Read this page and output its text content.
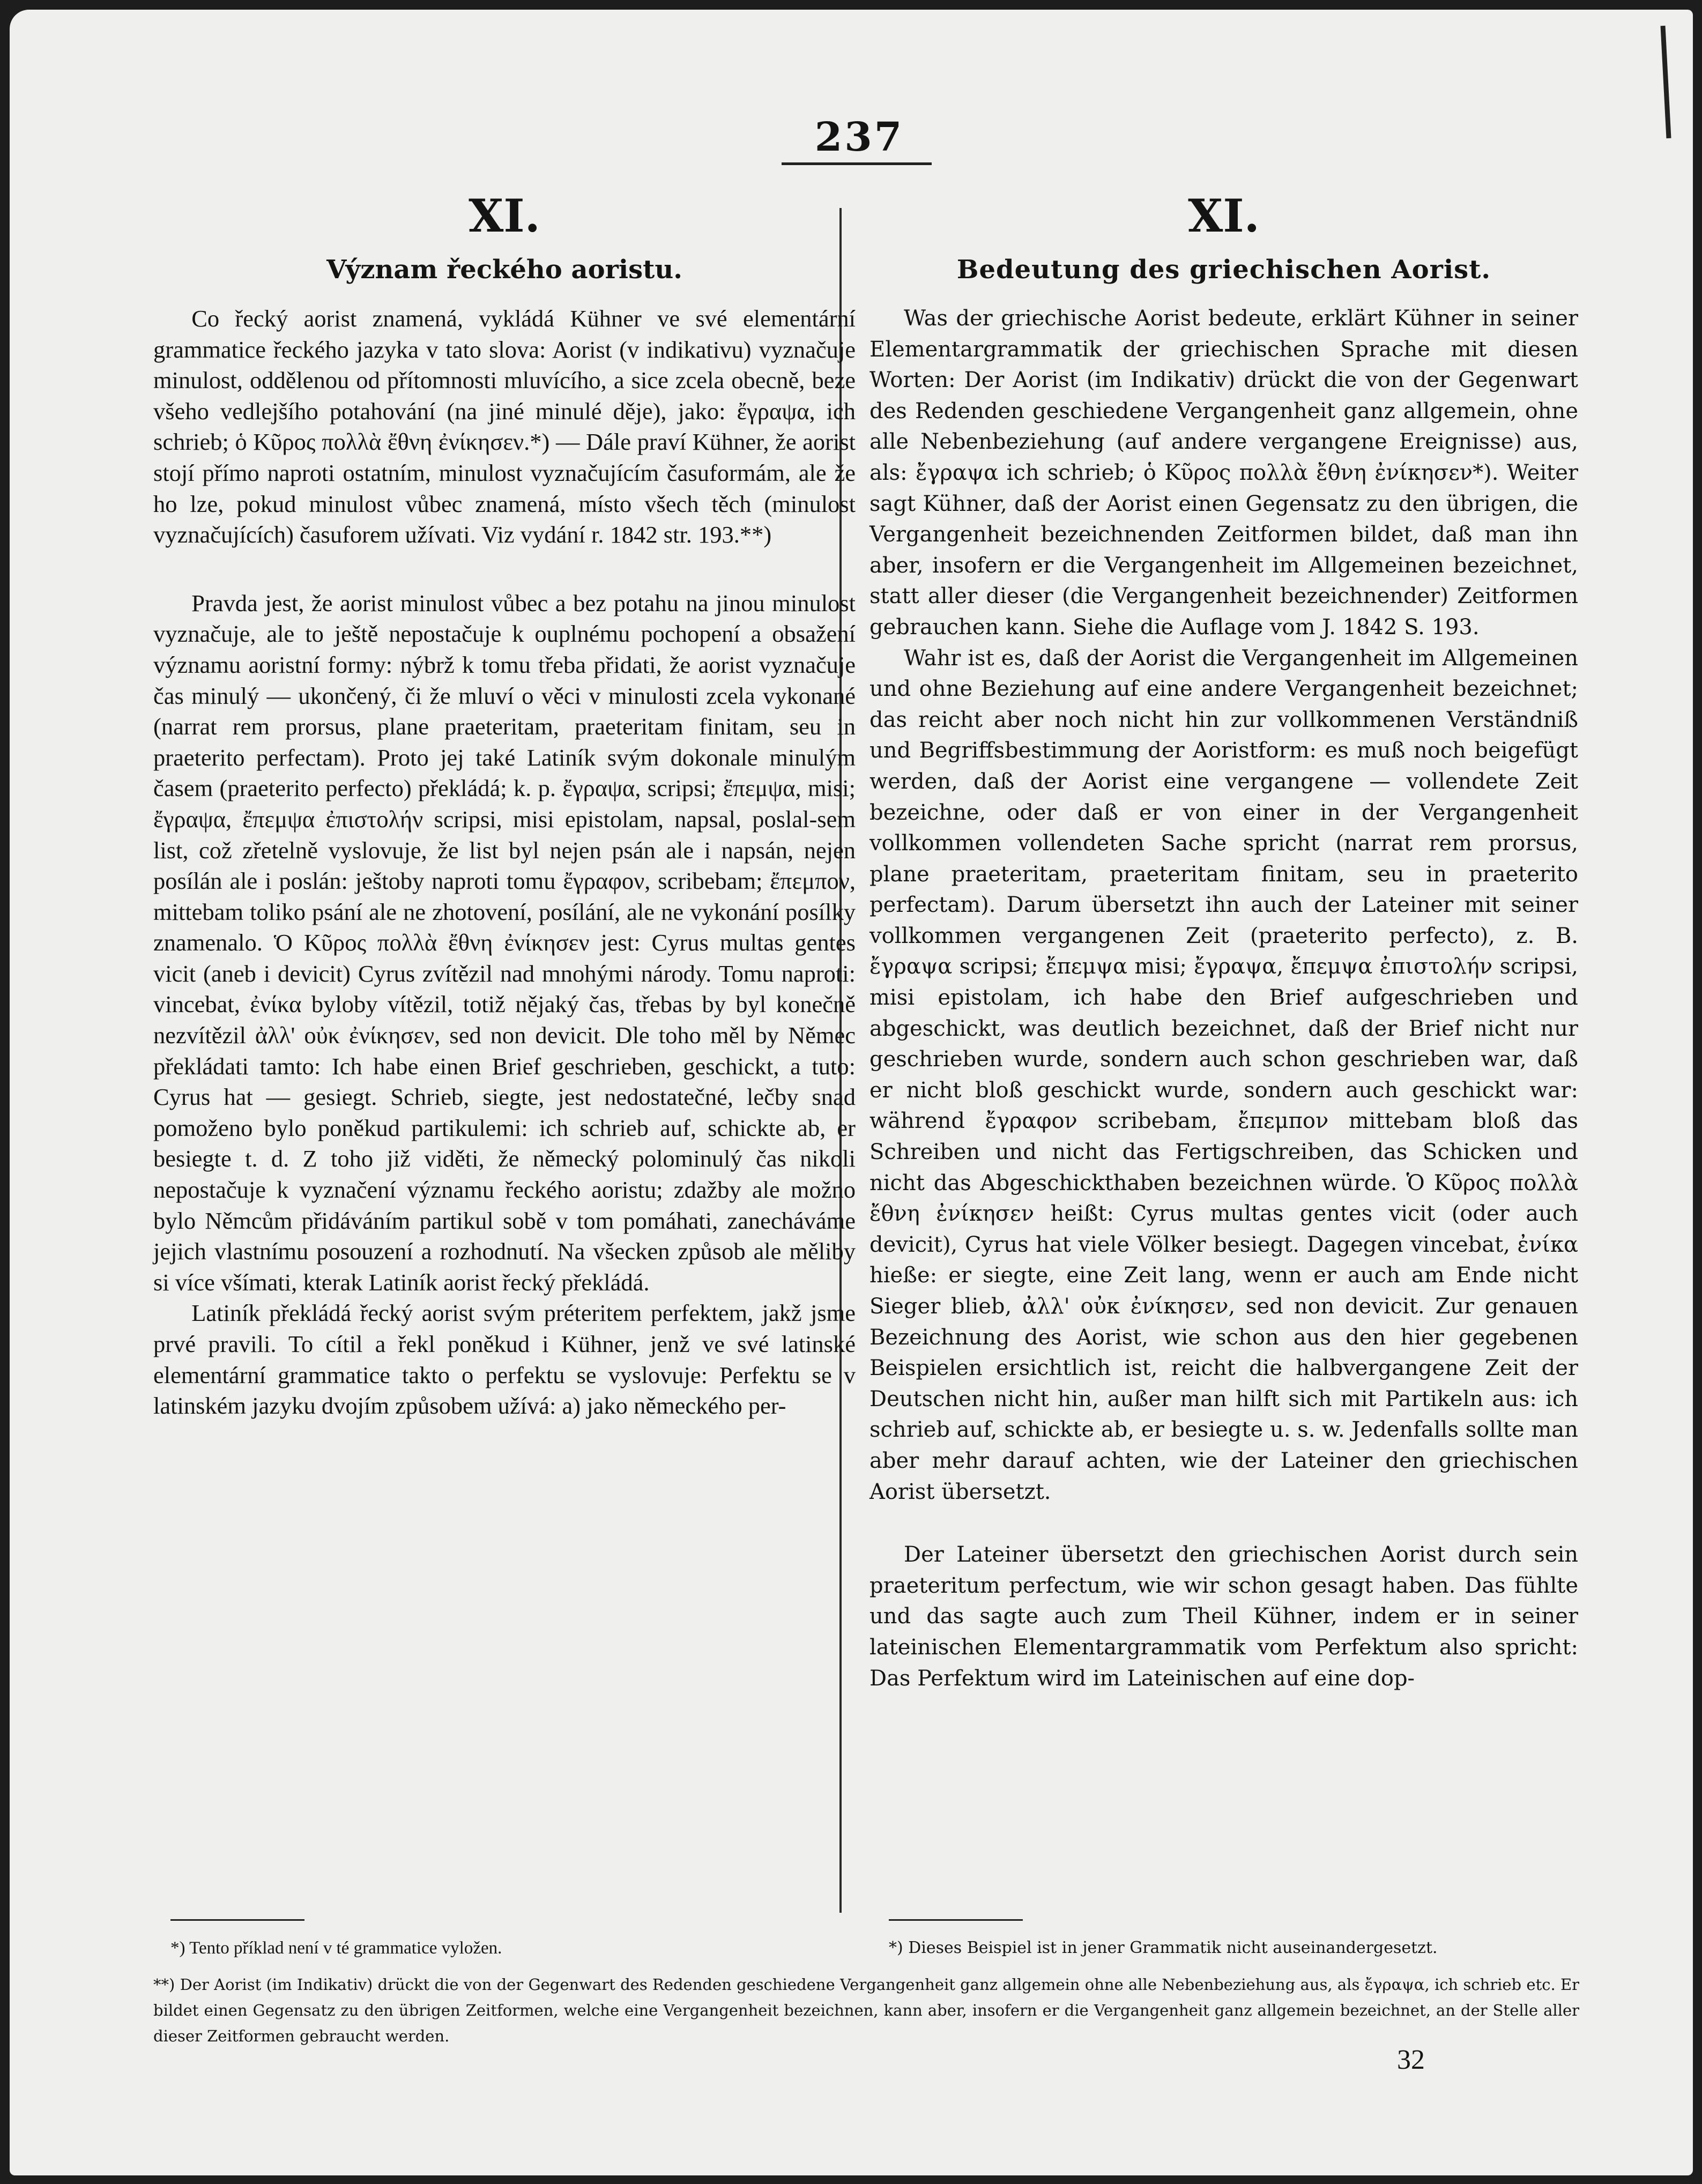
237
XI.
Význam řeckého aoristu.

Co řecký aorist znamená, vykládá Kühner ve své elementární grammatice řeckého jazyka v tato slova: Aorist (v indikativu) vyznačuje minulost, oddělenou od přítomnosti mluvícího, a sice zcela obecně, beze všeho vedlejšího potahování (na jiné minulé děje), jako: ἔγραψα, ich schrieb; ὁ Κῦρος πολλὰ ἔθνη ἐνίκησεν.*) — Dále praví Kühner, že aorist stojí přímo naproti ostatním, minulost vyznačujícím časuformám, ale že ho lze, pokud minulost vůbec znamená, místo všech těch (minulost vyznačujících) časuforem užívati. Viz vydání r. 1842 str. 193.**)

Pravda jest, že aorist minulost vůbec a bez potahu na jinou minulost vyznačuje, ale to ještě nepostačuje k ouplnému pochopení a obsažení významu aoristní formy: nýbrž k tomu třeba přidati, že aorist vyznačuje čas minulý — ukončený, či že mluví o věci v minulosti zcela vykonané (narrat rem prorsus, plane praeteritam, praeteritam finitam, seu in praeterito perfectam). Proto jej také Latiník svým dokonale minulým časem (praeterito perfecto) překládá; k. p. ἔγραψα, scripsi; ἔπεμψα, misi; ἔγραψα, ἔπεμψα ἐπιστολήν scripsi, misi epistolam, napsal, poslal-sem list, což zřetelně vyslovuje, že list byl nejen psán ale i napsán, nejen posílán ale i poslán: ještoby naproti tomu ἔγραφον, scribebam; ἔπεμπον, mittebam toliko psání ale ne zhotovení, posílání, ale ne vykonání posílky znamenalo. Ὁ Κῦρος πολλὰ ἔθνη ἐνίκησεν jest: Cyrus multas gentes vicit (aneb i devicit) Cyrus zvítězil nad mnohými národy. Tomu naproti: vincebat, ἐνίκα byloby vítězil, totiž nějaký čas, třebas by byl konečně nezvítězil ἀλλ' οὐκ ἐνίκησεν, sed non devicit. Dle toho měl by Němec překládati tamto: Ich habe einen Brief geschrieben, geschickt, a tuto: Cyrus hat — gesiegt. Schrieb, siegte, jest nedostatečné, lečby snad pomoženo bylo poněkud partikulemi: ich schrieb auf, schickte ab, er besiegte t. d. Z toho již viděti, že německý polominulý čas nikoli nepostačuje k vyznačení významu řeckého aoristu; zdažby ale možno bylo Němcům přidáváním partikul sobě v tom pomáhati, zanecháváme jejich vlastnímu posouzení a rozhodnutí. Na všecken způsob ale měliby si více všímati, kterak Latiník aorist řecký překládá.

Latiník překládá řecký aorist svým préteritem perfektem, jakž jsme prvé pravili. To cítil a řekl poněkud i Kühner, jenž ve své latinské elementární grammatice takto o perfektu se vyslovuje: Perfektu se v latinském jazyku dvojím způsobem užívá: a) jako německého per-

XI.
Bedeutung des griechischen Aorist.

Was der griechische Aorist bedeute, erklärt Kühner in seiner Elementargrammatik der griechischen Sprache mit diesen Worten: Der Aorist (im Indikativ) drückt die von der Gegenwart des Redenden geschiedene Vergangenheit ganz allgemein, ohne alle Nebenbeziehung (auf andere vergangene Ereignisse) aus, als: ἔγραψα ich schrieb; ὁ Κῦρος πολλὰ ἔθνη ἐνίκησεν*). Weiter sagt Kühner, daß der Aorist einen Gegensatz zu den übrigen, die Vergangenheit bezeichnenden Zeitformen bildet, daß man ihn aber, insofern er die Vergangenheit im Allgemeinen bezeichnet, statt aller dieser (die Vergangenheit bezeichnender) Zeitformen gebrauchen kann. Siehe die Auflage vom J. 1842 S. 193.

Wahr ist es, daß der Aorist die Vergangenheit im Allgemeinen und ohne Beziehung auf eine andere Vergangenheit bezeichnet; das reicht aber noch nicht hin zur vollkommenen Verständniß und Begriffsbestimmung der Aoristform: es muß noch beigefügt werden, daß der Aorist eine vergangene — vollendete Zeit bezeichne, oder daß er von einer in der Vergangenheit vollkommen vollendeten Sache spricht (narrat rem prorsus, plane praeteritam, praeteritam finitam, seu in praeterito perfectam). Darum übersetzt ihn auch der Lateiner mit seiner vollkommen vergangenen Zeit (praeterito perfecto), z. B. ἔγραψα scripsi; ἔπεμψα misi; ἔγραψα, ἔπεμψα ἐπιστολήν scripsi, misi epistolam, ich habe den Brief aufgeschrieben und abgeschickt, was deutlich bezeichnet, daß der Brief nicht nur geschrieben wurde, sondern auch schon geschrieben war, daß er nicht bloß geschickt wurde, sondern auch geschickt war: während ἔγραφον scribebam, ἔπεμπον mittebam bloß das Schreiben und nicht das Fertigschreiben, das Schicken und nicht das Abgeschickthaben bezeichnen würde. Ὁ Κῦρος πολλὰ ἔθνη ἐνίκησεν heißt: Cyrus multas gentes vicit (oder auch devicit), Cyrus hat viele Völker besiegt. Dagegen vincebat, ἐνίκα hieße: er siegte, eine Zeit lang, wenn er auch am Ende nicht Sieger blieb, ἀλλ' οὐκ ἐνίκησεν, sed non devicit. Zur genauen Bezeichnung des Aorist, wie schon aus den hier gegebenen Beispielen ersichtlich ist, reicht die halbvergangene Zeit der Deutschen nicht hin, außer man hilft sich mit Partikeln aus: ich schrieb auf, schickte ab, er besiegte u. s. w. Jedenfalls sollte man aber mehr darauf achten, wie der Lateiner den griechischen Aorist übersetzt.

Der Lateiner übersetzt den griechischen Aorist durch sein praeteritum perfectum, wie wir schon gesagt haben. Das fühlte und das sagte auch zum Theil Kühner, indem er in seiner lateinischen Elementargrammatik vom Perfektum also spricht: Das Perfektum wird im Lateinischen auf eine dop-

*) Tento příklad není v té grammatice vyložen.	*) Dieses Beispiel ist in jener Grammatik nicht auseinandergesetzt.
**) Der Aorist (im Indikativ) drückt die von der Gegenwart des Redenden geschiedene Vergangenheit ganz allgemein ohne alle Nebenbeziehung aus, als ἔγραψα, ich schrieb etc. Er bildet einen Gegensatz zu den übrigen Zeitformen, welche eine Vergangenheit bezeichnen, kann aber, insofern er die Vergangenheit ganz allgemein bezeichnet, an der Stelle aller dieser Zeitformen gebraucht werden.
32
